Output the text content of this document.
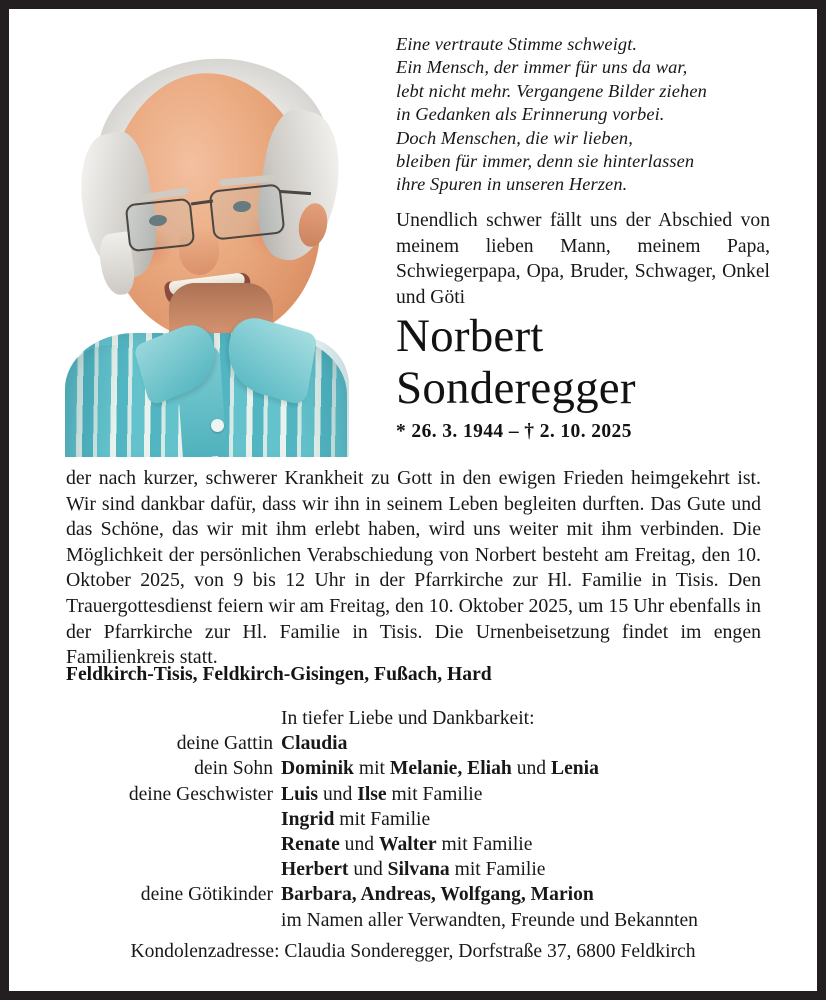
Eine vertraute Stimme schweigt.
Ein Mensch, der immer für uns da war,
lebt nicht mehr. Vergangene Bilder ziehen
in Gedanken als Erinnerung vorbei.
Doch Menschen, die wir lieben,
bleiben für immer, denn sie hinterlassen
ihre Spuren in unseren Herzen.
Unendlich schwer fällt uns der Abschied von meinem lieben Mann, meinem Papa, Schwiegerpapa, Opa, Bruder, Schwager, Onkel und Göti
Norbert
Sonderegger
* 26. 3. 1944 – † 2. 10. 2025
der nach kurzer, schwerer Krankheit zu Gott in den ewigen Frieden heimgekehrt ist. Wir sind dankbar dafür, dass wir ihn in seinem Leben begleiten durften. Das Gute und das Schöne, das wir mit ihm erlebt haben, wird uns weiter mit ihm verbinden. Die Möglichkeit der persönlichen Verabschiedung von Norbert besteht am Freitag, den 10. Oktober 2025, von 9 bis 12 Uhr in der Pfarrkirche zur Hl. Familie in Tisis. Den Trauergottesdienst feiern wir am Freitag, den 10. Oktober 2025, um 15 Uhr ebenfalls in der Pfarrkirche zur Hl. Familie in Tisis. Die Urnenbeisetzung findet im engen Familienkreis statt.
Feldkirch-Tisis, Feldkirch-Gisingen, Fußach, Hard
In tiefer Liebe und Dankbarkeit:
deine Gattin Claudia
dein Sohn Dominik mit Melanie, Eliah und Lenia
deine Geschwister Luis und Ilse mit Familie
Ingrid mit Familie
Renate und Walter mit Familie
Herbert und Silvana mit Familie
deine Götikinder Barbara, Andreas, Wolfgang, Marion
im Namen aller Verwandten, Freunde und Bekannten
Kondolenzadresse: Claudia Sonderegger, Dorfstraße 37, 6800 Feldkirch
